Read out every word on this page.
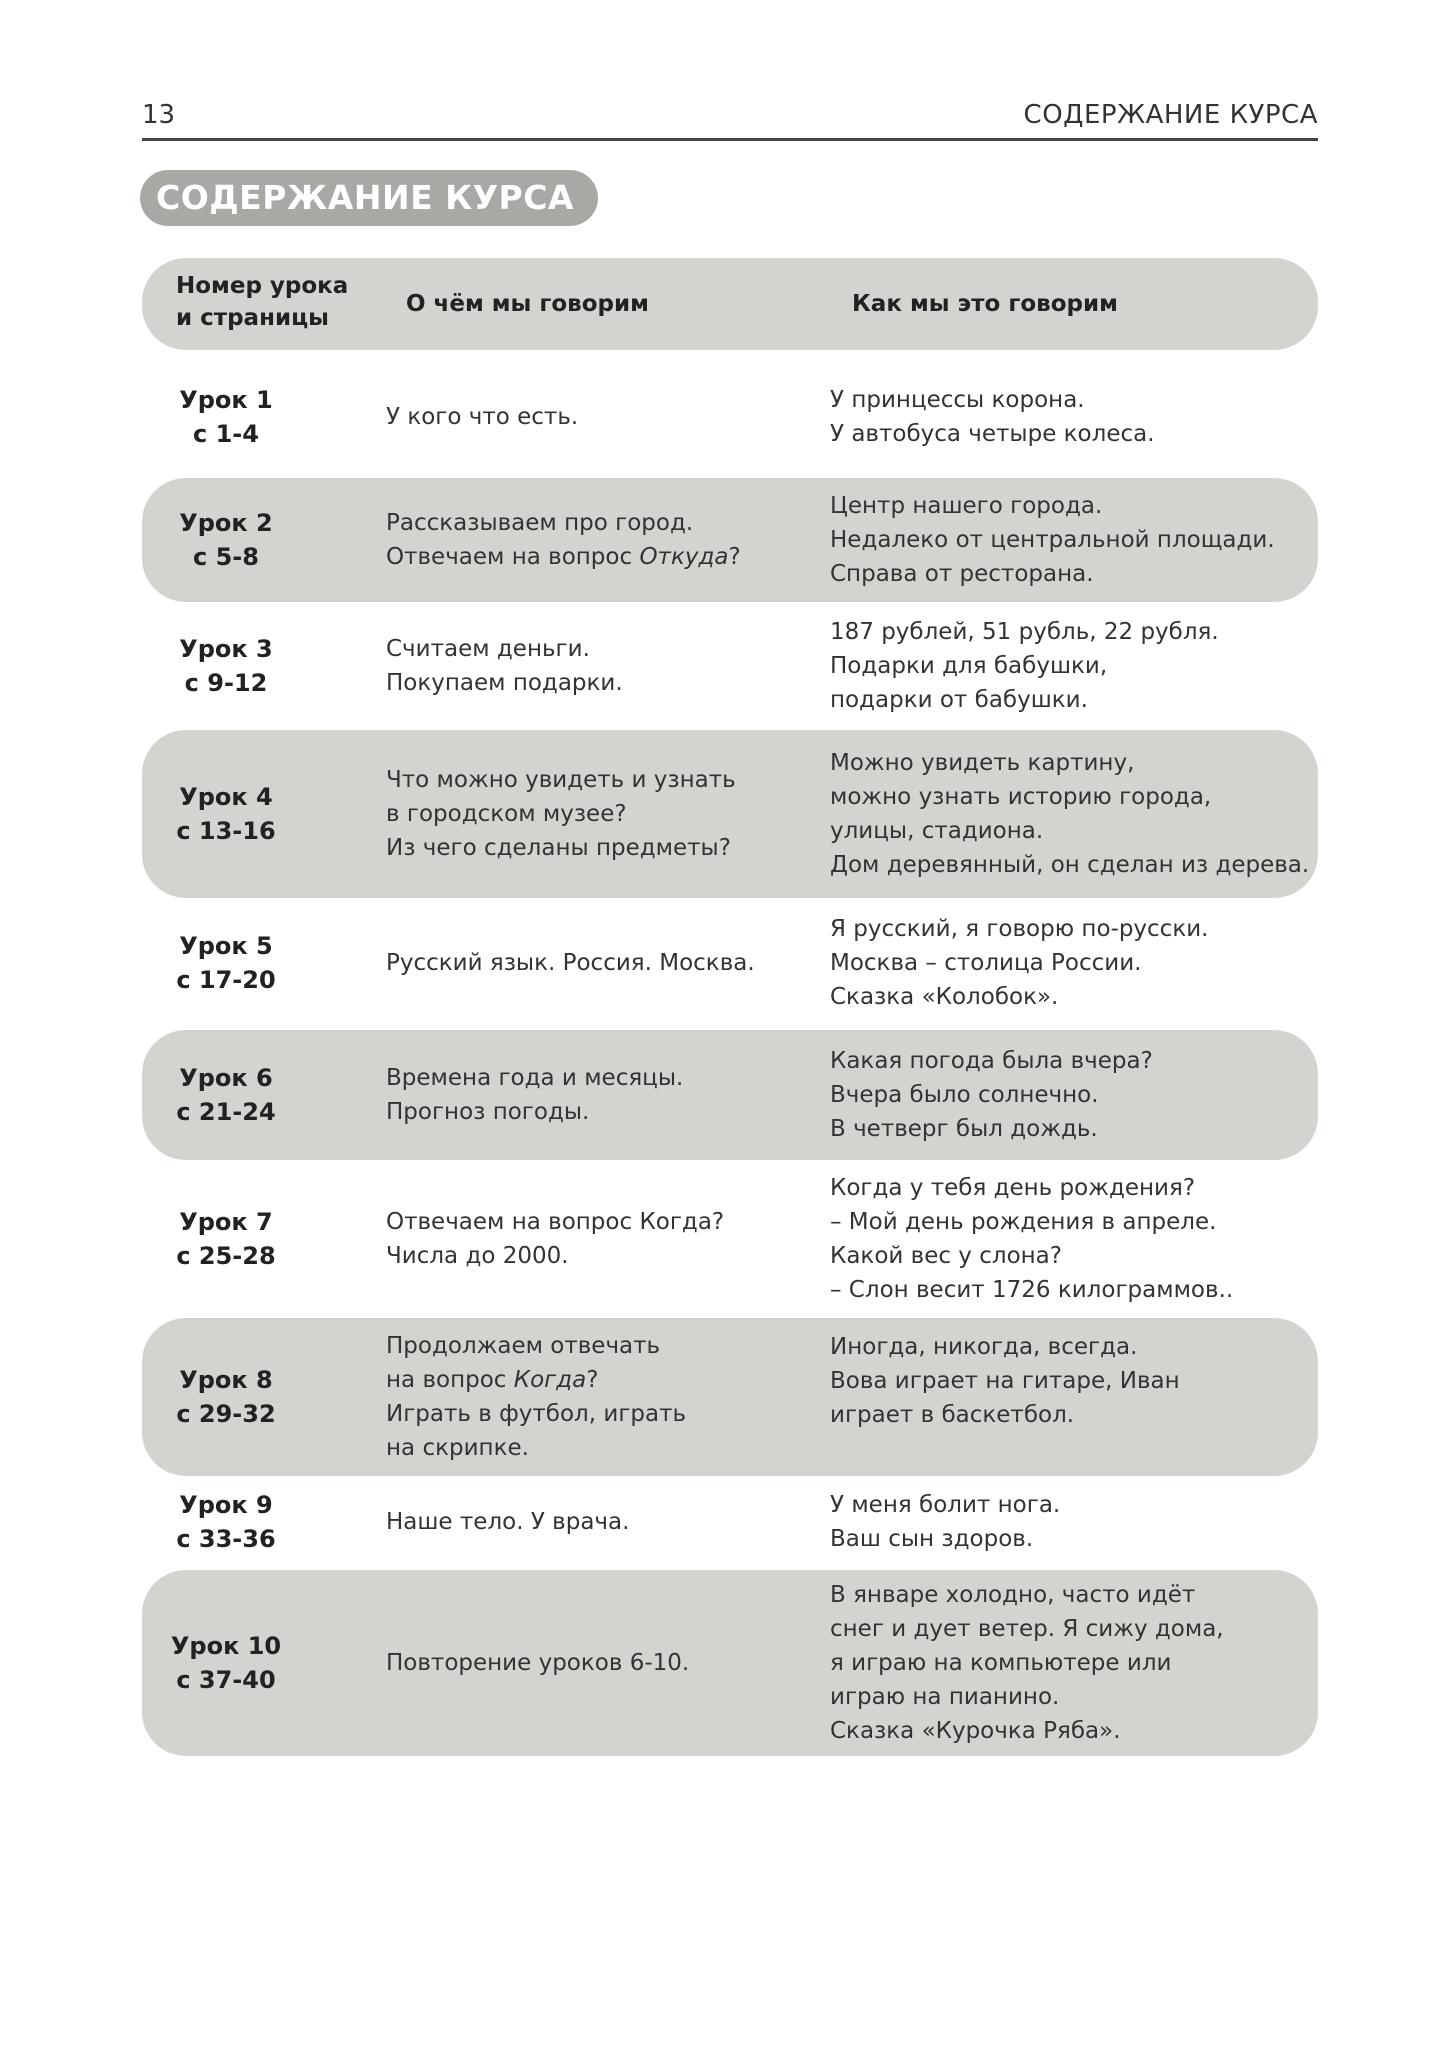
13	СОДЕРЖАНИЕ КУРСА
СОДЕРЖАНИЕ КУРСА
Номер урока
и страницы
О чём мы говорим	Как мы это говорим
Урок 1
с 1-4
У кого что есть.
У принцессы корона.
У автобуса четыре колеса.
Урок 2
с 5-8
Рассказываем про город.
Отвечаем на вопрос Откуда?
Центр нашего города.
Недалеко от центральной площади.
Справа от ресторана.
Урок 3
с 9-12
Считаем деньги.
Покупаем подарки.
187 рублей, 51 рубль, 22 рубля.
Подарки для бабушки,
подарки от бабушки.
Урок 4
с 13-16
Что можно увидеть и узнать
в городском музее?
Из чего сделаны предметы?
Можно увидеть картину,
можно узнать историю города,
улицы, стадиона.
Дом деревянный, он сделан из дерева.
Урок 5
с 17-20
Русский язык. Россия. Москва.
Я русский, я говорю по-русски.
Москва – столица России.
Сказка «Колобок».
Урок 6
с 21-24
Времена года и месяцы.
Прогноз погоды.
Какая погода была вчера?
Вчера было солнечно.
В четверг был дождь.
Урок 7
с 25-28
Отвечаем на вопрос Когда?
Числа до 2000.
Когда у тебя день рождения?
– Мой день рождения в апреле.
Какой вес у слона?
– Слон весит 1726 килограммов..
Урок 8
с 29-32
Продолжаем отвечать
на вопрос Когда?
Играть в футбол, играть
на скрипке.
Иногда, никогда, всегда.
Вова играет на гитаре, Иван
играет в баскетбол.
Урок 9
с 33-36
Наше тело. У врача.
У меня болит нога.
Ваш сын здоров.
Урок 10
с 37-40
Повторение уроков 6-10.
В январе холодно, часто идёт
снег и дует ветер. Я сижу дома,
я играю на компьютере или
играю на пианино.
Сказка «Курочка Ряба».
